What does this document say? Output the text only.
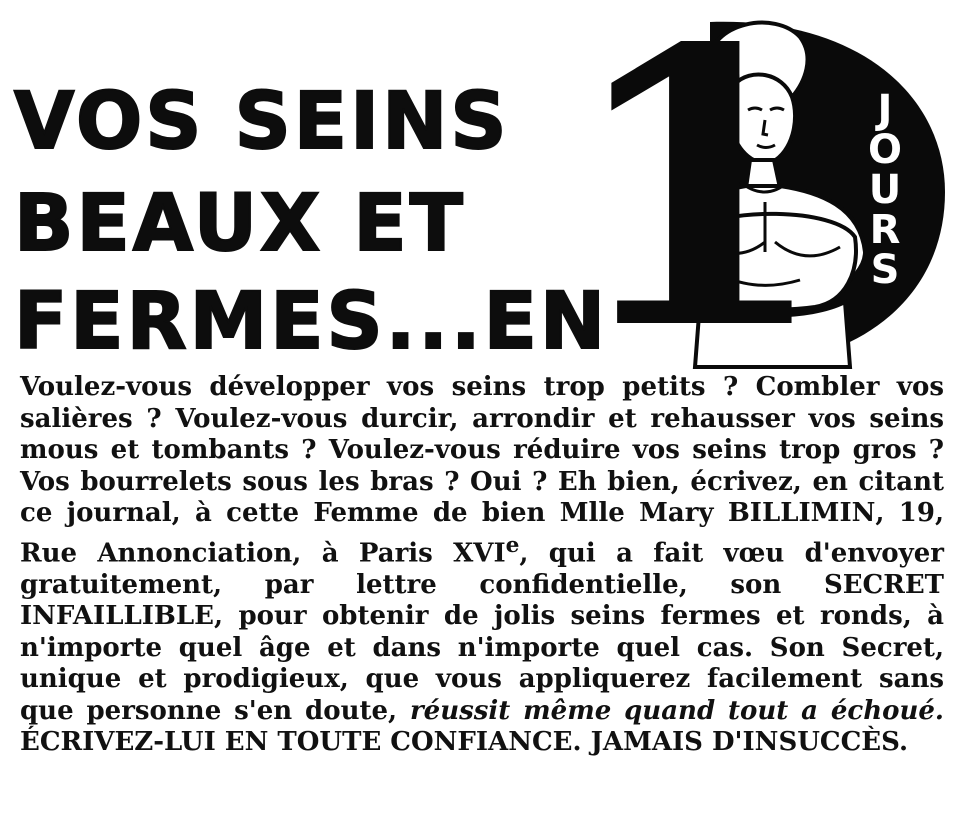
VOS SEINS
BEAUX ET
FERMES...EN
1	J
O
U
R
S

Voulez-vous développer vos seins trop petits ? Combler vos salières ? Voulez-vous durcir, arrondir et rehausser vos seins mous et tombants ? Voulez-vous réduire vos seins trop gros ? Vos bourrelets sous les bras ? Oui ? Eh bien, écrivez, en citant ce journal, à cette Femme de bien Mlle Mary BILLIMIN, 19, Rue Annonciation, à Paris XVIe, qui a fait vœu d'envoyer gratuitement, par lettre confidentielle, son SECRET INFAILLIBLE, pour obtenir de jolis seins fermes et ronds, à n'importe quel âge et dans n'importe quel cas. Son Secret, unique et prodigieux, que vous appliquerez facilement sans que personne s'en doute, réussit même quand tout a échoué. ÉCRIVEZ-LUI EN TOUTE CONFIANCE. JAMAIS D'INSUCCÈS.
